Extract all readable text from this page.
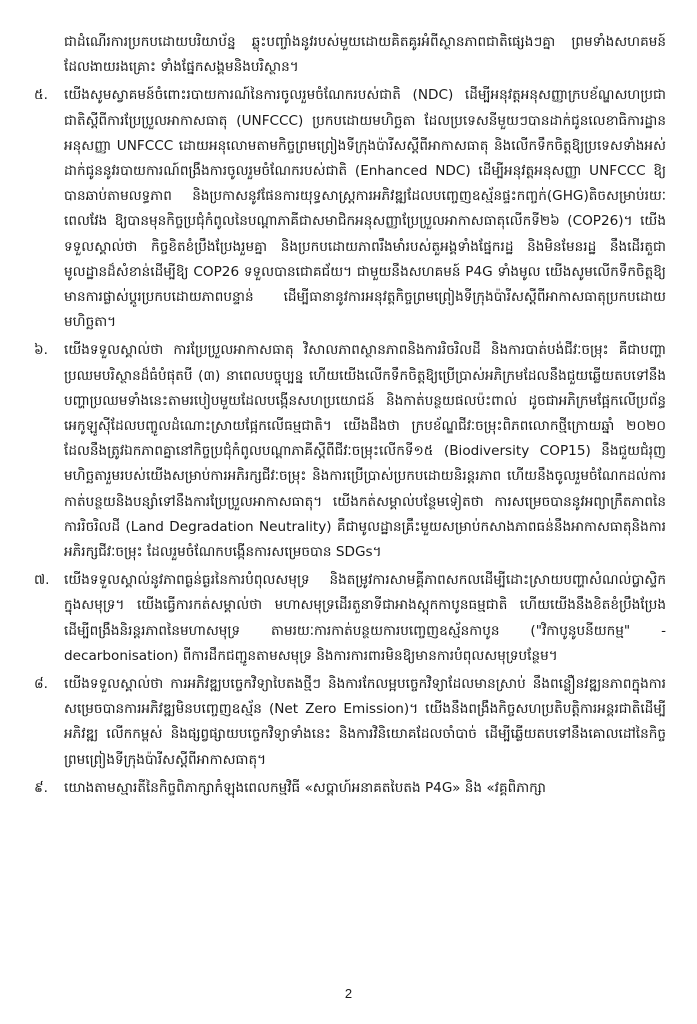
ជាដំណើរការប្រកបដោយបរិយាប័ន្ន ឆ្លុះបញ្ចាំងនូវរបស់មួយដោយគិតគូរអំពីស្ថានភាពជាតិផ្សេងៗគ្នា ព្រមទាំងសហគមន៍ដែលងាយរងគ្រោះ ទាំងផ្នែកសង្គមនិងបរិស្ថាន។

៥.	យើងសូមស្វាគមន៍ចំពោះរបាយការណ៍នៃការចូលរួមចំណែករបស់ជាតិ (NDC) ដើម្បីអនុវត្តអនុសញ្ញាក្របខ័ណ្ឌសហប្រជាជាតិស្តីពីការប្រែប្រួលអាកាសធាតុ (UNFCCC) ប្រកបដោយមហិច្ឆតា ដែលប្រទេសនីមួយៗបានដាក់ជូនលេខាធិការដ្ឋានអនុសញ្ញា UNFCCC ដោយអនុលោមតាមកិច្ចព្រមព្រៀងទីក្រុងប៉ារីសស្តីពីអាកាសធាតុ និងលើកទឹកចិត្តឱ្យប្រទេសទាំងអស់ដាក់ជូននូវរបាយការណ៍ពង្រឹងការចូលរួមចំណែករបស់ជាតិ (Enhanced NDC) ដើម្បីអនុវត្តអនុសញ្ញា UNFCCC ឱ្យបានឆាប់តាមលទ្ធភាព និងប្រកាសនូវផែនការយុទ្ធសាស្ត្រការអភិវឌ្ឍដែលបញ្ចេញឧស្ម័នផ្ទះកញ្ចក់(GHG)តិចសម្រាប់រយៈពេលវែង ឱ្យបានមុនកិច្ចប្រជុំកំពូលនៃបណ្ដាភាគីជាសមាជិកអនុសញ្ញាប្រែប្រួលអាកាសធាតុលើកទី២៦ (COP26)។ យើងទទួលស្គាល់ថា កិច្ចខិតខំប្រឹងប្រែងរួមគ្នា និងប្រកបដោយភាពរឹងមាំរបស់តួអង្គទាំងផ្នែករដ្ឋ និងមិនមែនរដ្ឋ នឹងដើរតួជាមូលដ្ឋានដ៏សំខាន់ដើម្បីឱ្យ COP26 ទទួលបានជោគជ័យ។ ជាមួយនឹងសហគមន៍ P4G ទាំងមូល យើងសូមលើកទឹកចិត្តឱ្យមានការផ្លាស់ប្ដូរប្រកបដោយភាពបន្ទាន់ ដើម្បីធានានូវការអនុវត្តកិច្ចព្រមព្រៀងទីក្រុងប៉ារីសស្តីពីអាកាសធាតុប្រកបដោយមហិច្ឆតា។

៦.	យើងទទួលស្គាល់ថា ការប្រែប្រួលអាកាសធាតុ វិសាលភាពស្ថានភាពនិងការរិចរិលដី និងការបាត់បង់ជីវៈចម្រុះ គឺជាបញ្ហាប្រឈមបរិស្ថានដ៏ធំបំផុតបី (៣) នាពេលបច្ចុប្បន្ន ហើយយើងលើកទឹកចិត្តឱ្យប្រើប្រាស់អភិក្រមដែលនឹងជួយឆ្លើយតបទៅនឹងបញ្ហាប្រឈមទាំងនេះតាមរបៀបមួយដែលបង្កើនសហប្រយោជន៍ និងកាត់បន្ថយផលប៉ះពាល់ ដូចជាអភិក្រមផ្អែកលើប្រព័ន្ធអេកូឡូស៊ីដែលបញ្ចូលដំណោះស្រាយផ្អែកលើធម្មជាតិ។ យើងដឹងថា ក្របខ័ណ្ឌជីវៈចម្រុះពិភពលោកថ្មីក្រោយឆ្នាំ ២០២០ ដែលនឹងត្រូវឯកភាពគ្នានៅកិច្ចប្រជុំកំពូលបណ្ដាភាគីស្ដីពីជីវៈចម្រុះលើកទី១៥ (Biodiversity COP15) នឹងជួយជំរុញមហិច្ឆតារួមរបស់យើងសម្រាប់ការអភិរក្សជីវៈចម្រុះ និងការប្រើប្រាស់ប្រកបដោយនិរន្តរភាព ហើយនឹងចូលរួមចំណែកដល់ការកាត់បន្ថយនិងបន្សាំទៅនឹងការប្រែប្រួលអាកាសធាតុ។ យើងកត់សម្គាល់បន្ថែមទៀតថា ការសម្រេចបាននូវអព្យាក្រឹតភាពនៃការរិចរិលដី (Land Degradation Neutrality) គឺជាមូលដ្ឋានគ្រឹះមួយសម្រាប់កសាងភាពធន់នឹងអាកាសធាតុនិងការអភិរក្សជីវៈចម្រុះ ដែលរួមចំណែកបង្កើនការសម្រេចបាន SDGs។

៧.	យើងទទួលស្គាល់នូវភាពធ្ងន់ធ្ងរនៃការបំពុលសមុទ្រ និងតម្រូវការសាមគ្គីភាពសកលដើម្បីដោះស្រាយបញ្ហាសំណល់ប្លាស្ទិកក្នុងសមុទ្រ។ យើងធ្វើការកត់សម្គាល់ថា មហាសមុទ្រដើរតួនាទីជាអាងស្តុកកាបូនធម្មជាតិ ហើយយើងនឹងខិតខំប្រឹងប្រែងដើម្បីពង្រឹងនិរន្តរភាពនៃមហាសមុទ្រ តាមរយៈការកាត់បន្ថយការបញ្ចេញឧស្ម័នកាបូន ("វិកាបូនូបនីយកម្ម" - decarbonisation) ពីការដឹកជញ្ជូនតាមសមុទ្រ និងការការពារមិនឱ្យមានការបំពុលសមុទ្របន្ថែម។

៨.	យើងទទួលស្គាល់ថា ការអភិវឌ្ឍបច្ចេកវិទ្យាបៃតងថ្មីៗ និងការកែលម្អបច្ចេកវិទ្យាដែលមានស្រាប់ នឹងពន្លឿនវឌ្ឍនភាពក្នុងការសម្រេចបានការអភិវឌ្ឍមិនបញ្ចេញឧស្ម័ន (Net Zero Emission)។ យើងនឹងពង្រឹងកិច្ចសហប្រតិបត្តិការអន្តរជាតិដើម្បីអភិវឌ្ឍ លើកកម្ពស់ និងផ្សព្វផ្សាយបច្ចេកវិទ្យាទាំងនេះ និងការវិនិយោគដែលចាំបាច់ ដើម្បីឆ្លើយតបទៅនឹងគោលដៅនៃកិច្ចព្រមព្រៀងទីក្រុងប៉ារីសស្តីពីអាកាសធាតុ។

៩.	យោងតាមស្មារតីនៃកិច្ចពិភាក្សាកំឡុងពេលកម្មវិធី «សប្តាហ៍អនាគតបៃតង P4G» និង «វគ្គពិភាក្សា

2
